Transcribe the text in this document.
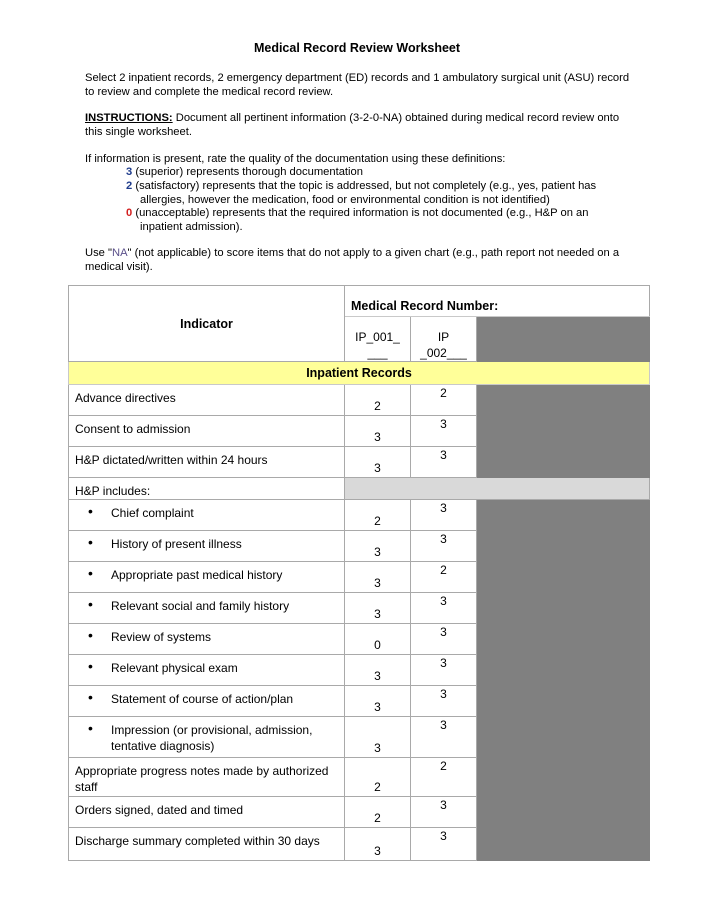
Medical Record Review Worksheet
Select 2 inpatient records, 2 emergency department (ED) records and 1 ambulatory surgical unit (ASU) record to review and complete the medical record review.
INSTRUCTIONS: Document all pertinent information (3-2-0-NA) obtained during medical record review onto this single worksheet.
If information is present, rate the quality of the documentation using these definitions:
3 (superior) represents thorough documentation
2 (satisfactory) represents that the topic is addressed, but not completely (e.g., yes, patient has
allergies, however the medication, food or environmental condition is not identified)
0 (unacceptable) represents that the required information is not documented (e.g., H&P on an
inpatient admission).
Use "NA" (not applicable) to score items that do not apply to a given chart (e.g., path report not needed on a medical visit).
Indicator	Medical Record Number:		
	IP_001_
___	IP
_002___	
Inpatient Records			
Advance directives	2	2	

Consent to admission	3	3	

H&P dictated/written within 24 hours	3	3	

H&P includes:			

• Chief complaint	2	3	

• History of present illness	3	3	

• Appropriate past medical history	3	2	

• Relevant social and family history	3	3	

• Review of systems	0	3	

• Relevant physical exam	3	3	

• Statement of course of action/plan	3	3	

• Impression (or provisional, admission, tentative diagnosis)	3	3	

Appropriate progress notes made by authorized staff	2	2	

Orders signed, dated and timed	2	3	

Discharge summary completed within 30 days	3	3	
